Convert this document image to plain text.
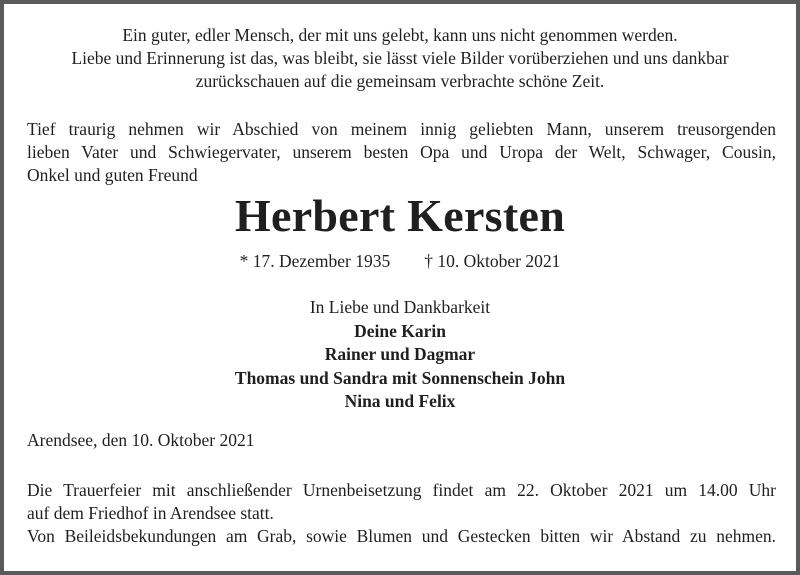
Ein guter, edler Mensch, der mit uns gelebt, kann uns nicht genommen werden.
Liebe und Erinnerung ist das, was bleibt, sie lässt viele Bilder vorüberziehen und uns dankbar
zurückschauen auf die gemeinsam verbrachte schöne Zeit.
Tief traurig nehmen wir Abschied von meinem innig geliebten Mann, unserem treusorgenden
lieben Vater und Schwiegervater, unserem besten Opa und Uropa der Welt, Schwager, Cousin,
Onkel und guten Freund
Herbert Kersten
* 17. Dezember 1935 † 10. Oktober 2021
In Liebe und Dankbarkeit
Deine Karin
Rainer und Dagmar
Thomas und Sandra mit Sonnenschein John
Nina und Felix
Arendsee, den 10. Oktober 2021
Die Trauerfeier mit anschließender Urnenbeisetzung findet am 22. Oktober 2021 um 14.00 Uhr
auf dem Friedhof in Arendsee statt.
Von Beileidsbekundungen am Grab, sowie Blumen und Gestecken bitten wir Abstand zu nehmen.
